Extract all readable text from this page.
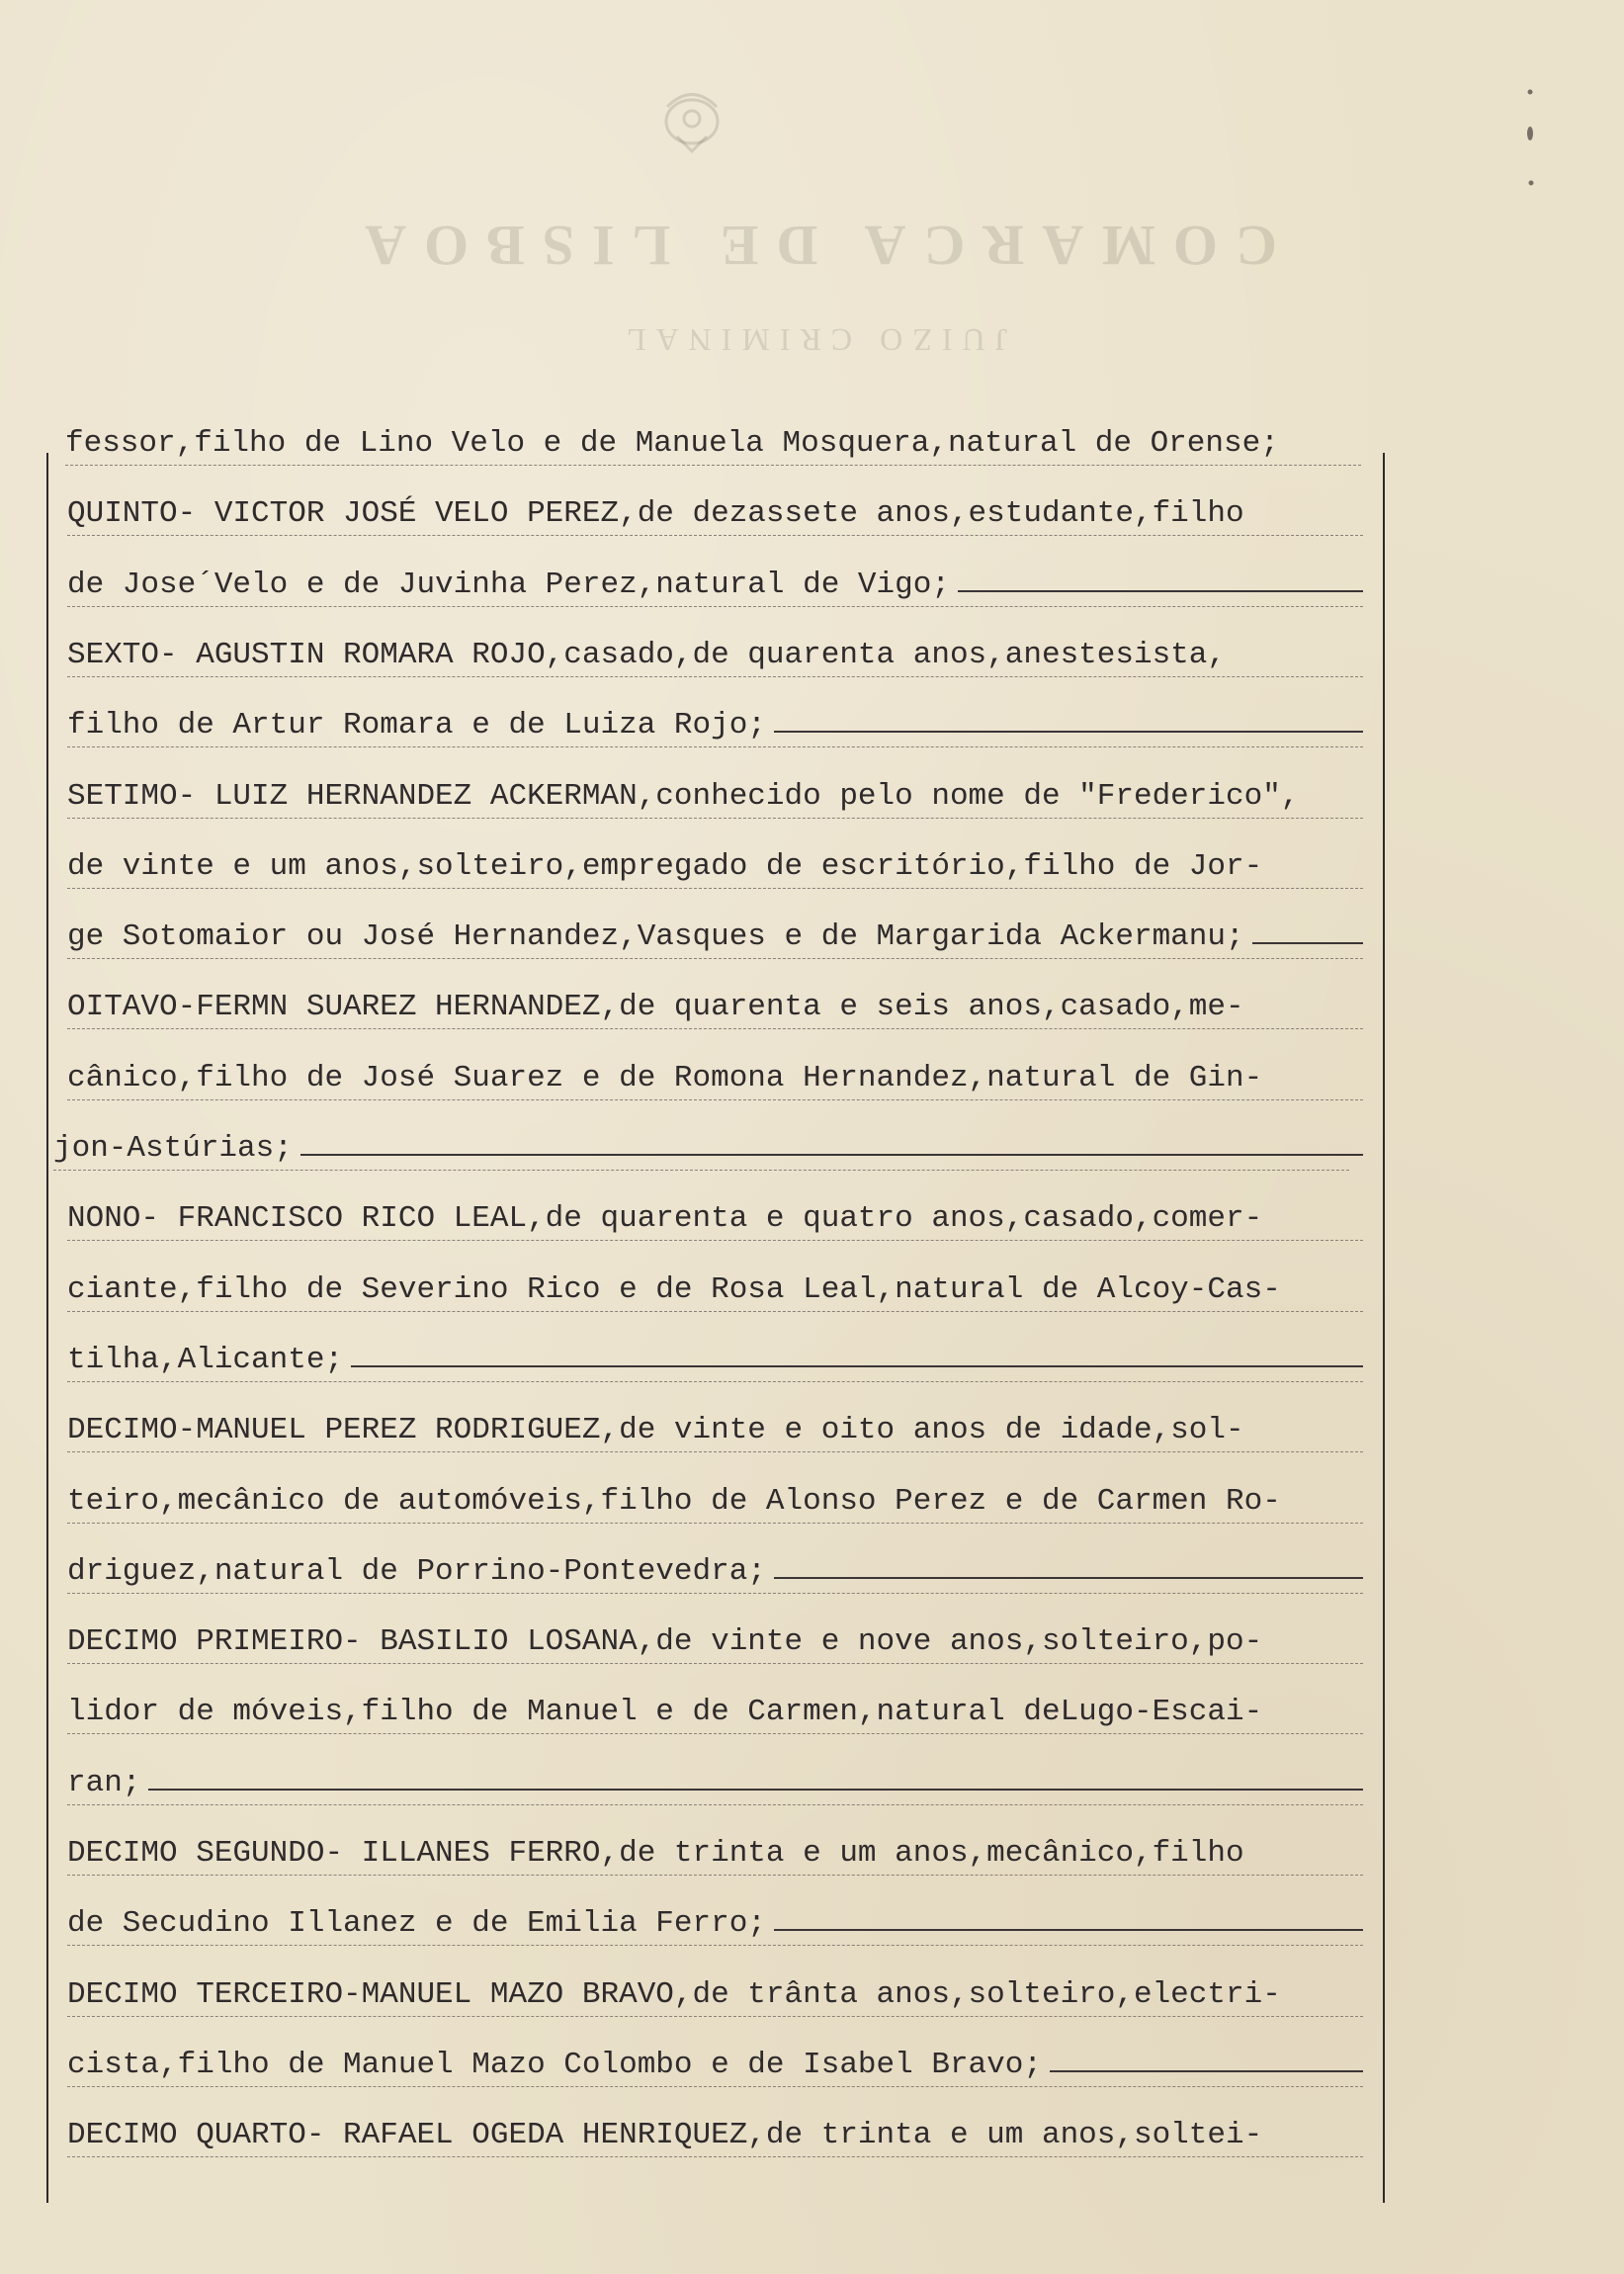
COMARCA DE LISBOA
JUIZO CRIMINAL
fessor,filho de Lino Velo e de Manuela Mosquera,natural de Orense;
QUINTO- VICTOR JOSÉ VELO PEREZ,de dezassete anos,estudante,filho
de Jose´Velo e de Juvinha Perez,natural de Vigo;
SEXTO- AGUSTIN ROMARA ROJO,casado,de quarenta anos,anestesista,
filho de Artur Romara e de Luiza Rojo;
SETIMO- LUIZ HERNANDEZ ACKERMAN,conhecido pelo nome de "Frederico",
de vinte e um anos,solteiro,empregado de escritório,filho de Jor-
ge Sotomaior ou José Hernandez,Vasques e de Margarida Ackermanu;
OITAVO-FERMN SUAREZ HERNANDEZ,de quarenta e seis anos,casado,me-
cânico,filho de José Suarez e de Romona Hernandez,natural de Gin-
jon-Astúrias;
NONO- FRANCISCO RICO LEAL,de quarenta e quatro anos,casado,comer-
ciante,filho de Severino Rico e de Rosa Leal,natural de Alcoy-Cas-
tilha,Alicante;
DECIMO-MANUEL PEREZ RODRIGUEZ,de vinte e oito anos de idade,sol-
teiro,mecânico de automóveis,filho de Alonso Perez e de Carmen Ro-
driguez,natural de Porrino-Pontevedra;
DECIMO PRIMEIRO- BASILIO LOSANA,de vinte e nove anos,solteiro,po-
lidor de móveis,filho de Manuel e de Carmen,natural deLugo-Escai-
ran;
DECIMO SEGUNDO- ILLANES FERRO,de trinta e um anos,mecânico,filho
de Secudino Illanez e de Emilia Ferro;
DECIMO TERCEIRO-MANUEL MAZO BRAVO,de trânta anos,solteiro,electri-
cista,filho de Manuel Mazo Colombo e de Isabel Bravo;
DECIMO QUARTO- RAFAEL OGEDA HENRIQUEZ,de trinta e um anos,soltei-
